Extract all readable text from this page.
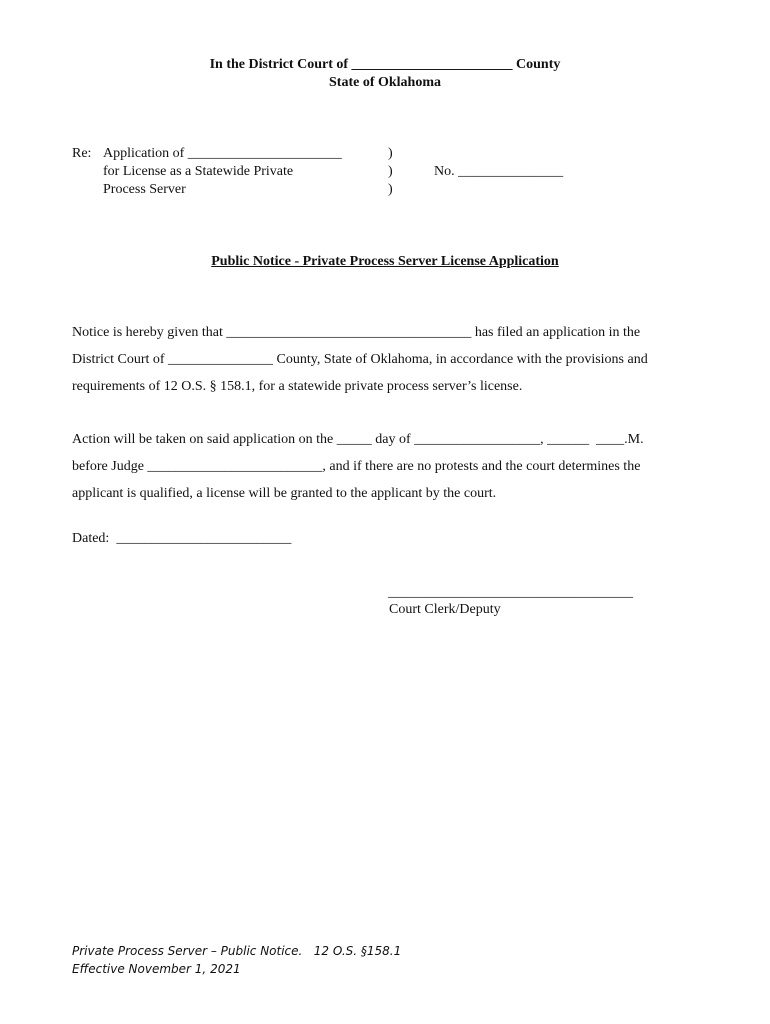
In the District Court of _______________________ County
State of Oklahoma
Re: Application of ______________________
for License as a Statewide Private
Process Server
)
)
)
No. _______________
Public Notice - Private Process Server License Application
Notice is hereby given that ___________________________________ has filed an application in the
District Court of _______________ County, State of Oklahoma, in accordance with the provisions and
requirements of 12 O.S. § 158.1, for a statewide private process server’s license.
Action will be taken on said application on the _____ day of __________________, ______  ____.M.
before Judge _________________________, and if there are no protests and the court determines the
applicant is qualified, a license will be granted to the applicant by the court.
Dated:  _________________________
___________________________________
Court Clerk/Deputy
Private Process Server – Public Notice.   12 O.S. §158.1
Effective November 1, 2021
